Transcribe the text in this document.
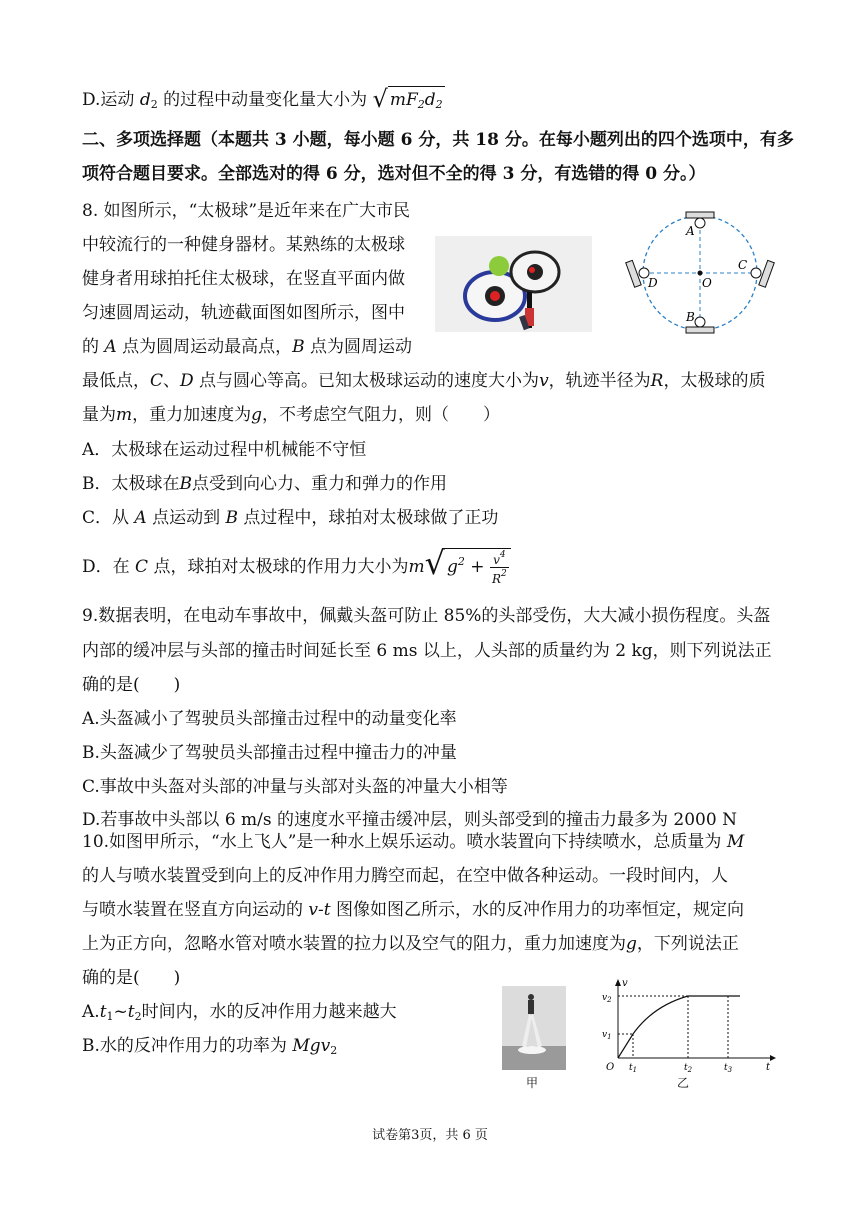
D.运动 $d_2$ 的过程中动量变化量大小为 √ $mF_2d_2$
二、多项选择题（本题共 3 小题，每小题 6 分，共 18 分。在每小题列出的四个选项中，有多
项符合题目要求。全部选对的得 6 分，选对但不全的得 3 分，有选错的得 0 分。）
8. 如图所示，“太极球”是近年来在广大市民
中较流行的一种健身器材。某熟练的太极球
健身者用球拍托住太极球，在竖直平面内做
匀速圆周运动，轨迹截面图如图所示，图中
的 A 点为圆周运动最高点，B 点为圆周运动
最低点，C、D 点与圆心等高。已知太极球运动的速度大小为v，轨迹半径为R，太极球的质
量为m，重力加速度为g，不考虑空气阻力，则（　　）
A．太极球在运动过程中机械能不守恒
B．太极球在B点受到向心力、重力和弹力的作用
C．从 A 点运动到 B 点过程中，球拍对太极球做了正功
D．在 C 点，球拍对太极球的作用力大小为m√ $g^2 + \frac{v^4}{R^2}$
A
B
C
D	O
9.数据表明，在电动车事故中，佩戴头盔可防止 85%的头部受伤，大大减小损伤程度。头盔
内部的缓冲层与头部的撞击时间延长至 6 ms 以上，人头部的质量约为 2 kg，则下列说法正
确的是(　　)
A.头盔减小了驾驶员头部撞击过程中的动量变化率
B.头盔减少了驾驶员头部撞击过程中撞击力的冲量
C.事故中头盔对头部的冲量与头部对头盔的冲量大小相等
D.若事故中头部以 6 m/s 的速度水平撞击缓冲层，则头部受到的撞击力最多为 2000 N
10.如图甲所示，“水上飞人”是一种水上娱乐运动。喷水装置向下持续喷水，总质量为 M
的人与喷水装置受到向上的反冲作用力腾空而起，在空中做各种运动。一段时间内，人
与喷水装置在竖直方向运动的 v-t 图像如图乙所示，水的反冲作用力的功率恒定，规定向
上为正方向，忽略水管对喷水装置的拉力以及空气的阻力，重力加速度为g，下列说法正
确的是(　　)
$A.t_1\sim t_2$时间内，水的反冲作用力越来越大
B.水的反冲作用力的功率为 Mgv$_2$
甲
v
$v_2$
$v_1$
O $t_1$	$t_2$	$t_3$	t
乙
试卷第3页，共 6 页
